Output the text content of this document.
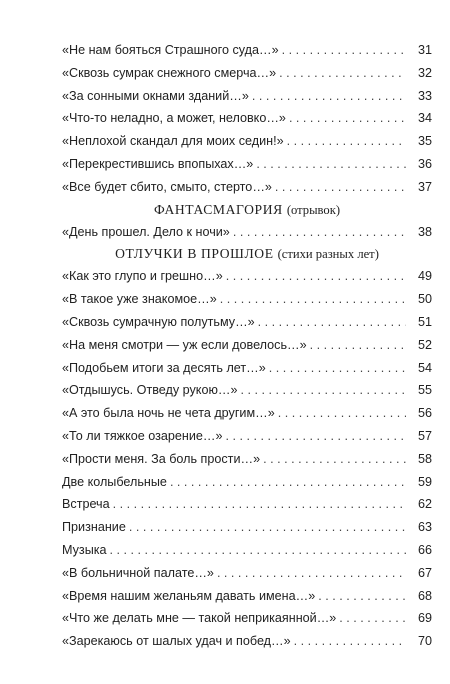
«Не нам бояться Страшного суда…» . . .	31
«Сквозь сумрак снежного смерча…» . . .	32
«За сонными окнами зданий…» . . .	33
«Что-то неладно, а может, неловко…» . . .	34
«Неплохой скандал для моих седин!» . . .	35
«Перекрестившись впопыхах…» . . .	36
«Все будет сбито, смыто, стерто…» . . .	37
ФАНТАСМАГОРИЯ (отрывок)
«День прошел. Дело к ночи» . . .	38
ОТЛУЧКИ В ПРОШЛОЕ (стихи разных лет)
«Как это глупо и грешно…» . . .	49
«В такое уже знакомое…» . . .	50
«Сквозь сумрачную полутьму…» . . .	51
«На меня смотри — уж если довелось…» . . .	52
«Подобьем итоги за десять лет…» . . .	54
«Отдышусь. Отведу рукою…» . . .	55
«А это была ночь не чета другим…» . . .	56
«То ли тяжкое озарение…» . . .	57
«Прости меня. За боль прости…» . . .	58
Две колыбельные . . .	59
Встреча . . .	62
Признание . . .	63
Музыка . . .	66
«В больничной палате…» . . .	67
«Время нашим желаньям давать имена…» . . .	68
«Что же делать мне — такой неприкаянной…» . . .	69
«Зарекаюсь от шалых удач и побед…» . . .	70
